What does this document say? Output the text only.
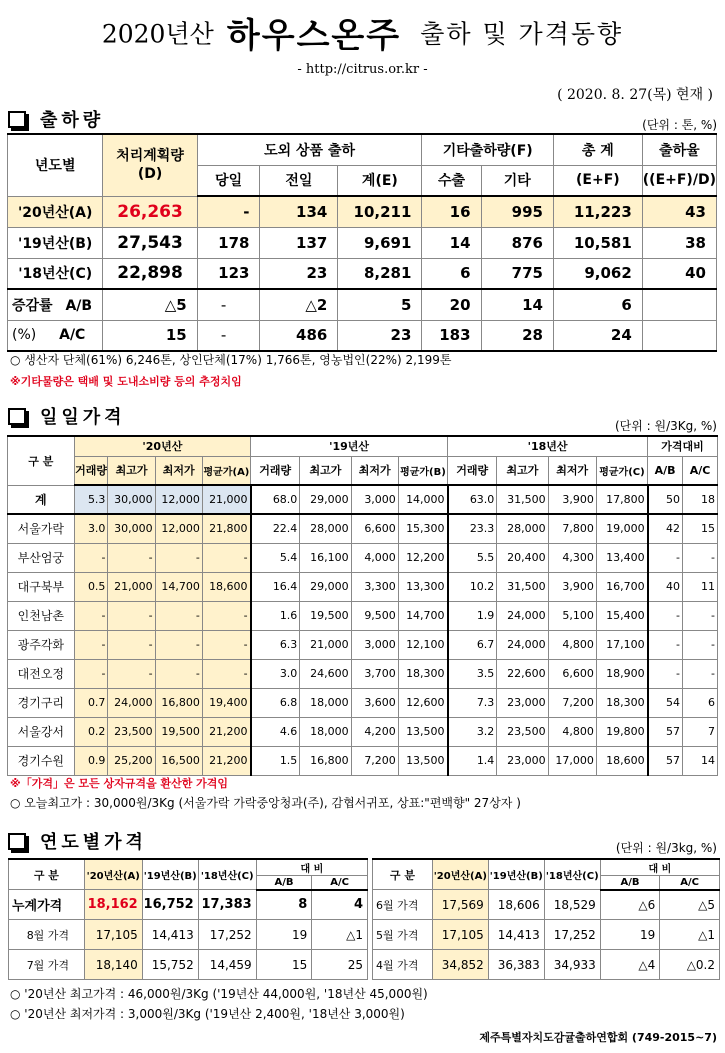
2020년산 하우스온주 출하 및 가격동향
- http://citrus.or.kr -
( 2020. 8. 27(목) 현재 )
출하량	(단위 : 톤, %)
년도별	처리계획량
(D)	도외 상품 출하			기타출하량(F)		총 계	출하율
		당일	전일	계(E)	수출	기타	(E+F)	((E+F)/D)
'20년산(A)	26,263	-	134	10,211	16	995	11,223	43
'19년산(B)	27,543	178	137	9,691	14	876	10,581	38
'18년산(C)	22,898	123	23	8,281	6	775	9,062	40
증감률 A/B	△5	-	△2	5	20	14	6	
(%) A/C	15	-	486	23	183	28	24	
○ 생산자 단체(61%) 6,246톤, 상인단체(17%) 1,766톤, 영농법인(22%) 2,199톤
※기타물량은 택배 및 도내소비량 등의 추정치임
일일가격	(단위 : 원/3Kg, %)
구 분	'20년산				'19년산				'18년산				가격대비	
	거래량	최고가	최저가	평균가(A)	거래량	최고가	최저가	평균가(B)	거래량	최고가	최저가	평균가(C)	A/B	A/C
계	5.3	30,000	12,000	21,000	68.0	29,000	3,000	14,000	63.0	31,500	3,900	17,800	50	18
서울가락	3.0	30,000	12,000	21,800	22.4	28,000	6,600	15,300	23.3	28,000	7,800	19,000	42	15
부산엄궁	-	-	-	-	5.4	16,100	4,000	12,200	5.5	20,400	4,300	13,400	-	-
대구북부	0.5	21,000	14,700	18,600	16.4	29,000	3,300	13,300	10.2	31,500	3,900	16,700	40	11
인천남촌	-	-	-	-	1.6	19,500	9,500	14,700	1.9	24,000	5,100	15,400	-	-
광주각화	-	-	-	-	6.3	21,000	3,000	12,100	6.7	24,000	4,800	17,100	-	-
대전오정	-	-	-	-	3.0	24,600	3,700	18,300	3.5	22,600	6,600	18,900	-	-
경기구리	0.7	24,000	16,800	19,400	6.8	18,000	3,600	12,600	7.3	23,000	7,200	18,300	54	6
서울강서	0.2	23,500	19,500	21,200	4.6	18,000	4,200	13,500	3.2	23,500	4,800	19,800	57	7
경기수원	0.9	25,200	16,500	21,200	1.5	16,800	7,200	13,500	1.4	23,000	17,000	18,600	57	14
※「가격」은 모든 상자규격을 환산한 가격임
○ 오늘최고가 : 30,000원/3Kg (서울가락 가락중앙청과(주), 감협서귀포, 상표:"편백향" 27상자 )
연도별가격	(단위 : 원/3kg, %)
구 분	'20년산(A)	'19년산(B)	'18년산(C)	대 비	
				A/B	A/C
누계가격	18,162	16,752	17,383	8	4
8월 가격	17,105	14,413	17,252	19	△1
7월 가격	18,140	15,752	14,459	15	25
구 분	'20년산(A)	'19년산(B)	'18년산(C)	대 비	
				A/B	A/C
6월 가격	17,569	18,606	18,529	△6	△5
5월 가격	17,105	14,413	17,252	19	△1
4월 가격	34,852	36,383	34,933	△4	△0.2
○ '20년산 최고가격 : 46,000원/3Kg ('19년산 44,000원, '18년산 45,000원)
○ '20년산 최저가격 : 3,000원/3Kg ('19년산 2,400원, '18년산 3,000원)
제주특별자치도감귤출하연합회 (749-2015~7)
